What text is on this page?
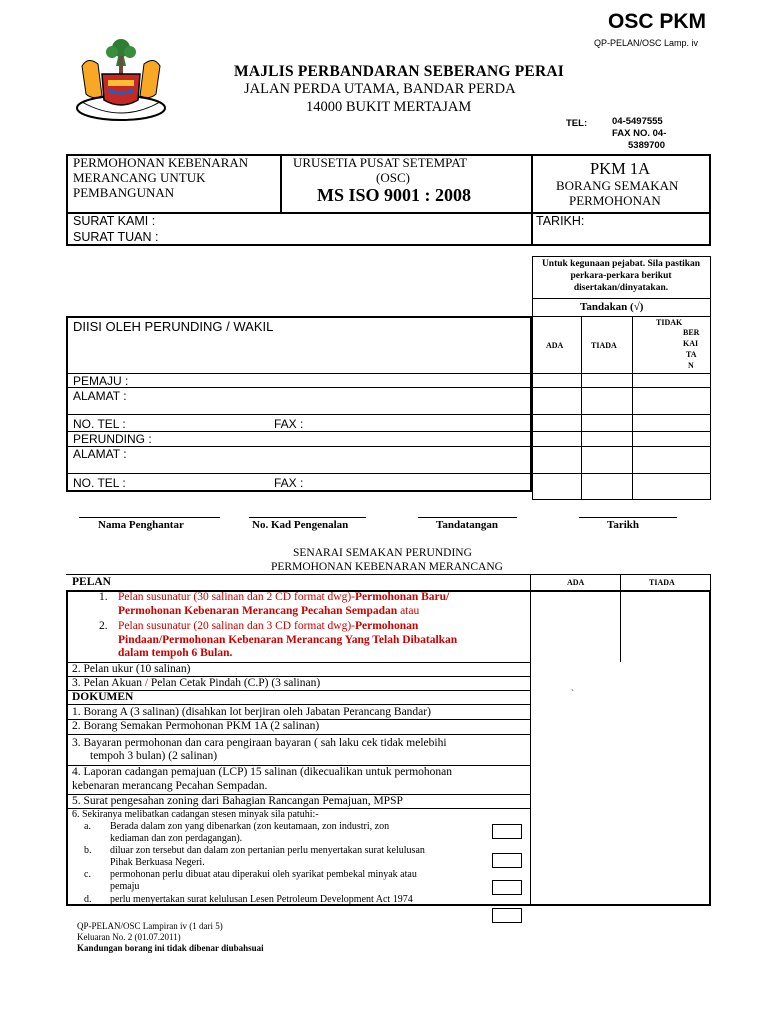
OSC PKM
QP-PELAN/OSC Lamp. iv
MAJLIS PERBANDARAN SEBERANG PERAI
JALAN PERDA UTAMA, BANDAR PERDA
14000 BUKIT MERTAJAM
TEL:	04-5497555
FAX NO. 04-
5389700
PERMOHONAN KEBENARAN
MERANCANG UNTUK
PEMBANGUNAN
URUSETIA PUSAT SETEMPAT
(OSC)
MS ISO 9001 : 2008
PKM 1A
BORANG SEMAKAN
PERMOHONAN
SURAT KAMI :
SURAT TUAN :
TARIKH:
Untuk kegunaan pejabat. Sila pastikan perkara-perkara berikut disertakan/dinyatakan.
Tandakan (√)
ADA	TIADA
TIDAK
BER
KAI
TA
N
DIISI OLEH PERUNDING / WAKIL
PEMAJU :
ALAMAT :
NO. TEL :	FAX :
PERUNDING :
ALAMAT :
NO. TEL :	FAX :
Nama Penghantar	No. Kad Pengenalan	Tandatangan	Tarikh
SENARAI SEMAKAN PERUNDING
PERMOHONAN KEBENARAN MERANCANG
ADA	TIADA
PELAN
1. Pelan susunatur (30 salinan dan 2 CD format dwg)-Permohonan Baru/
Permohonan Kebenaran Merancang Pecahan Sempadan atau
2. Pelan susunatur (20 salinan dan 3 CD format dwg)-Permohonan
Pindaan/Permohonan Kebenaran Merancang Yang Telah Dibatalkan
dalam tempoh 6 Bulan.
2. Pelan ukur (10 salinan)
3. Pelan Akuan / Pelan Cetak Pindah (C.P) (3 salinan)
DOKUMEN	`
1. Borang A (3 salinan) (disahkan lot berjiran oleh Jabatan Perancang Bandar)
2. Borang Semakan Permohonan PKM 1A (2 salinan)
3. Bayaran permohonan dan cara pengiraan bayaran ( sah laku cek tidak melebihi
tempoh 3 bulan) (2 salinan)
4. Laporan cadangan pemajuan (LCP) 15 salinan (dikecualikan untuk permohonan
kebenaran merancang Pecahan Sempadan.
5. Surat pengesahan zoning dari Bahagian Rancangan Pemajuan, MPSP
6. Sekiranya melibatkan cadangan stesen minyak sila patuhi:-
a. Berada dalam zon yang dibenarkan (zon keutamaan, zon industri, zon
kediaman dan zon perdagangan).
b. diluar zon tersebut dan dalam zon pertanian perlu menyertakan surat kelulusan
Pihak Berkuasa Negeri.
c. permohonan perlu dibuat atau diperakui oleh syarikat pembekal minyak atau
pemaju
d. perlu menyertakan surat kelulusan Lesen Petroleum Development Act 1974
QP-PELAN/OSC Lampiran iv (1 dari 5)
Keluaran No. 2 (01.07.2011)
Kandungan borang ini tidak dibenar diubahsuai
